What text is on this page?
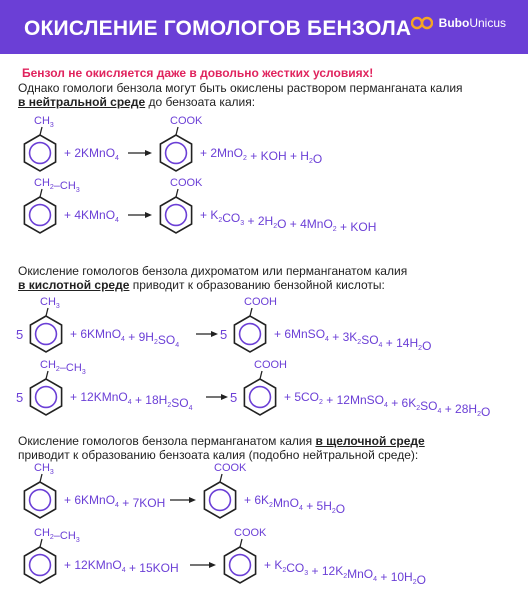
ОКИСЛЕНИЕ ГОМОЛОГОВ БЕНЗОЛА BuboUnicus
Бензол не окисляется даже в довольно жестких условиях!
Однако гомологи бензола могут быть окислены раствором перманганата калия
в нейтральной среде до бензоата калия:
Окисление гомологов бензола дихроматом или перманганатом калия
в кислотной среде приводит к образованию бензойной кислоты:
Окисление гомологов бензола перманганатом калия в щелочной среде
приводит к образованию бензоата калия (подобно нейтральной среде):
$CH_3$
+ 2KMnO$_4$
COOK
+ 2MnO$_2$ + KOH + $H_2O$
$CH_2-CH_3$
+ 4KMnO$_4$
COOK
+ $K_2CO_3 + 2H_2O + 4MnO_2$ + KOH
5	5
$CH_3$
+ 6KMnO$_4$ + $9H_2SO_4$
COOH
+ 6MnSO$_4$ + $3K_2SO_4 + 14H_2O$
5	5
$CH_2-CH_3$
+ 12KMnO$_4$ + $18H_2SO_4$
COOH
+ $5CO_2$ + 12MnSO$_4$ + $6K_2SO_4 + 28H_2O$
$CH_3$
+ 6KMnO$_4$ + 7KOH
COOK
+ $6K_2MnO_4 + 5H_2O$
$CH_2-CH_3$
+ 12KMnO$_4$ + 15KOH
COOK
+ $K_2CO_3 + 12K_2MnO_4 + 10H_2O$
